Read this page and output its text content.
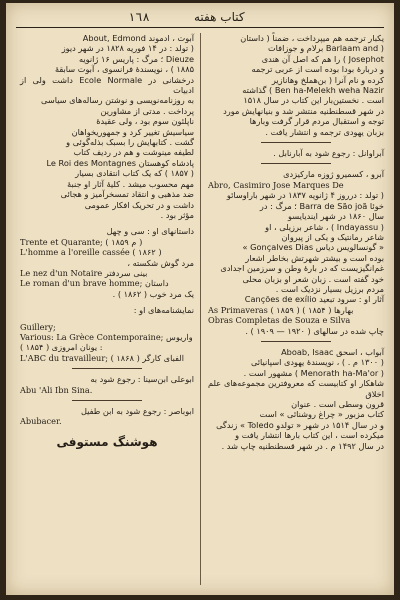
١٦٨	کتاب هفته
آبوت ، ادموند About, Edmond
( تولد : در ۱۴ فوریه ۱۸۲۸ در شهر دیوز
Dieuze ؛ مرگ : پاریس ۱۶ ژانویه
۱۸۸۵ ) ، نویسندهٔ فرانسوی ، آبوت سابقهٔ
درخشانی در Ecole Normale داشت ولی از ادبیات
به روزنامه‌نویسی و نوشتن رساله‌های سیاسی
پرداخت . مدتی از مشاورین
ناپلئون سوم بود ، ولی عقیدهٔ
سیاسیش تغییر کرد و جمهوریخواهان
گشت . کتابهایش را بسبک بذله‌گوئی و
لطیفه مینوشت و هم در ردیف کتاب
پادشاه کوهستان Le Roi des Montagnes
( ۱۸۵۷ ) که یک کتاب انتقادی بسیار
مهم محسوب میشد . کلیهٔ آثار او جنبهٔ
ضد مذهبی و انتقاد تمسخرآمیز و هجائی
داشت و در تحریک افکار عمومی
مؤثر بود .
داستانهای او : سی و چهل
Trente et Quarante; ( ۱۸۵۹ م )
L'homme a l'oreille cassée ( ۱۸۶۲ )
مرد گوش شکسته ،
Le nez d'un Notaire بینی سردفتر
Le roman d'un brave homme; داستان
یک مرد خوب ( ۱۸۶۲ ) .
نمایشنامه‌های او :
Guillery;
Various: La Grèce Contemporaine; واریوس : یونان امروزی ( ۱۸۵۴ )
L'ABC du travailleur; الفبای کارگر ( ۱۸۶۸ )
ابوعلی ابن‌سینا : رجوع شود به
Abu 'Ali Ibn Sina.
ابوباصر : رجوع شود به ابن طفیل
Abubacer.
هوشنگ مستوفی
یکبار ترجمه هم میپرداخت ، ضمناً ( داستان
( Barlaam and برلام و جوزافات
Josephot ) را هم که اصل آن هندی
و دربارهٔ بودا بوده است از عربی ترجمه
کرده و نام آنرا ( بن‌هملخ وهانازیر
Ben ha-Melekh weha Nazir ) گذاشته
است . نخستین‌بار این کتاب در سال ۱۵۱۸
در شهر قسطنطنیه منتشر شد و بنیانهایش مورد
توجه و استقبال مردم قرار گرفت وبارها
بزبان یهودی ترجمه و انتشار یافت .
آبراوانل : رجوع شود به آبارنابل .
آبرو ، کسمیرو ژوزه مارکیزدی
Abro, Casimiro Jose Marques De
( تولد : درروز ۴ ژانویه ۱۸۳۷ در شهر باراوسائو
خوئا Barra de São joã ؛ مرگ : در
سال ۱۸۶۰ در شهر ایندیایسو
( Indayassu ) ، شاعر برزیلی ، او
شاعر رمانتیک و یکی از پیروان
« گونسالویس دیاس Gonçalves Dias »
بوده است و بیشتر شهرتش بخاطر اشعار
غم‌انگیزیست که در بارهٔ وطن و سرزمین اجدادی
خود گفته است . زبان شعر او بزبان محلی
مردم برزیل بسیار نزدیک است .
آثار او : سرود تبعید Canções de exílio
As Primaveras ( ۱۸۵۹ ) بهارها ( ۱۸۵۴ )
Obras Completas de Souza e Silva
چاپ شده در سالهای ( ۱۹۲۰ — ۱۹۰۹ ) .
آبواب ، اسحق Aboab, Isaac
( ۱۳۰۰ م . ) ، نویسندهٔ یهودی اسپانیائی
( Menorath ha-Ma'or ) مشهور است .
شاهکار او کتابیست که معروفترین مجموعه‌های علم اخلاق
قرون وسطی است . عنوان
کتاب مزبور « چراغ روشنائی » است
و در سال ۱۵۱۴ در شهر « تولدو Toledo » زندگی
میکرده است ، این کتاب بارها انتشار یافت و
در سال ۱۴۹۲ م . در شهر قسطنطنیه چاپ شد .
